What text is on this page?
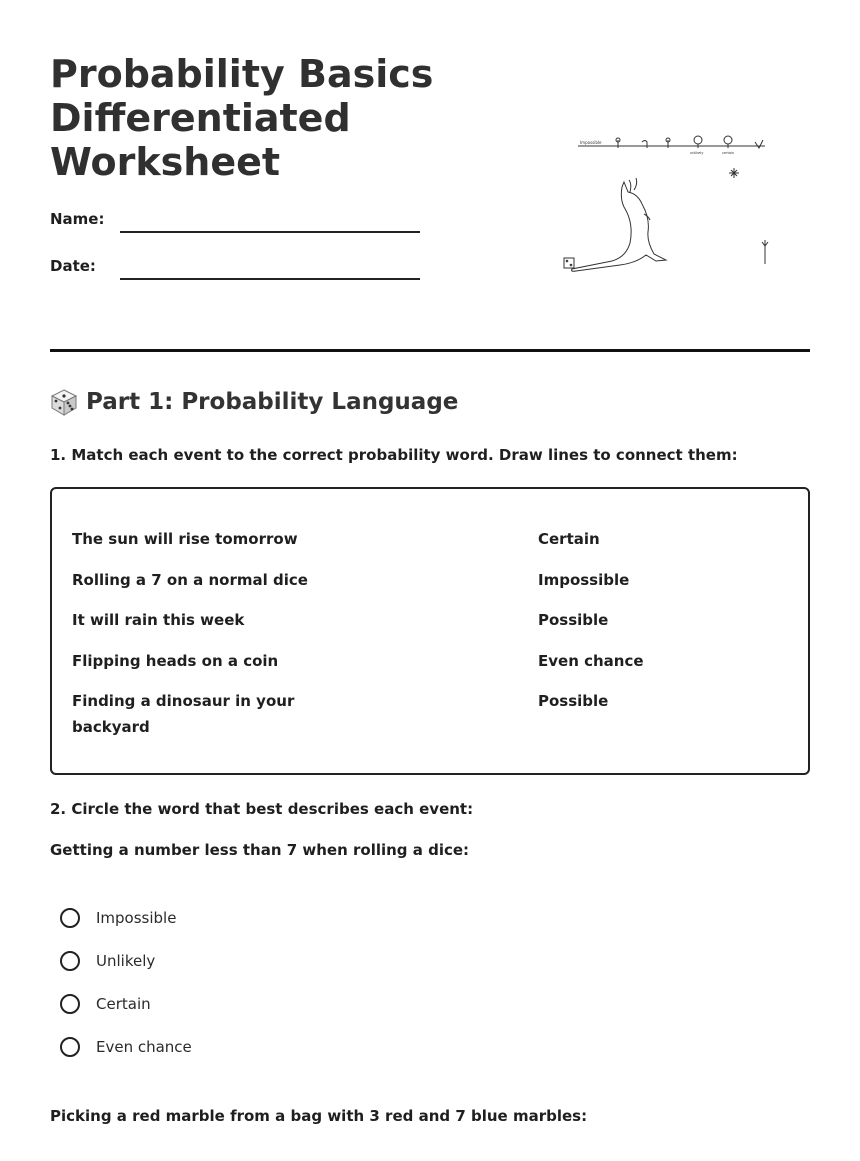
Probability Basics Differentiated Worksheet
Name:
Date:
Impossible
unlikely	certain
Part 1: Probability Language
1. Match each event to the correct probability word. Draw lines to connect them:
The sun will rise tomorrow
Rolling a 7 on a normal dice
It will rain this week
Flipping heads on a coin
Finding a dinosaur in your backyard
Certain
Impossible
Possible
Even chance
Possible
2. Circle the word that best describes each event:
Getting a number less than 7 when rolling a dice:
Impossible
Unlikely
Certain
Even chance
Picking a red marble from a bag with 3 red and 7 blue marbles:
